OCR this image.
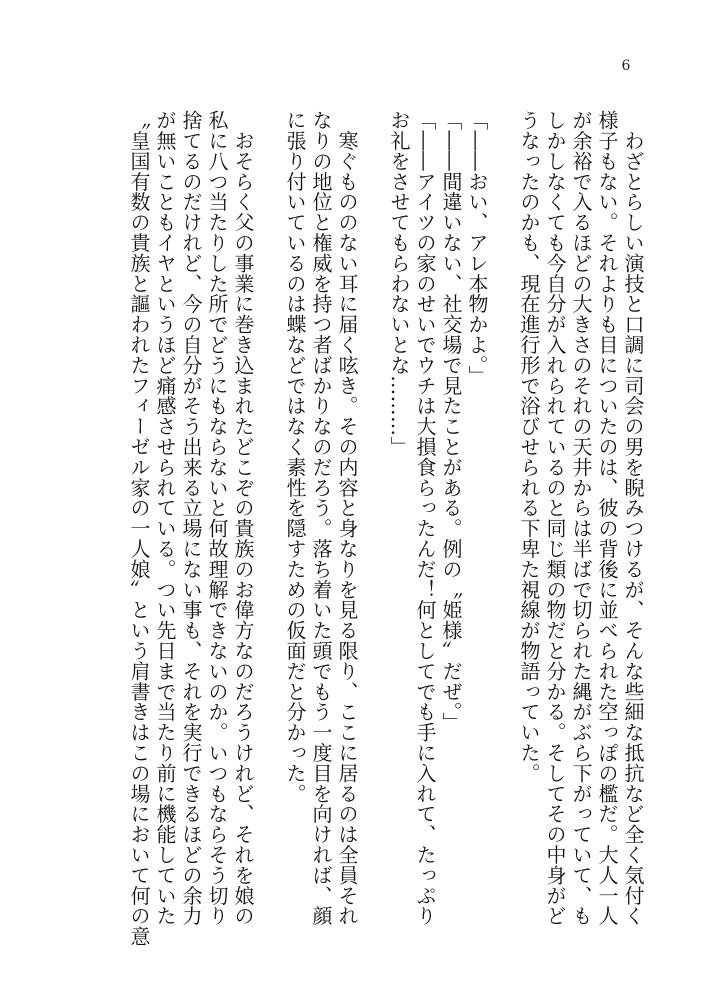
6
　わざとらしい演技と口調に司会の男を睨みつけるが、そんな些細な抵抗など全く気付く
様子もない。それよりも目についたのは、彼の背後に並べられた空っぽの檻だ。大人一人
が余裕で入るほどの大きさのそれの天井からは半ばで切られた縄がぶら下がっていて、も
しかしなくても今自分が入れられているのと同じ類の物だと分かる。そしてその中身がど
うなったのかも、現在進行形で浴びせられる下卑た視線が物語っていた。
「――おい、アレ本物かよ。」
「――間違いない、社交場で見たことがある。例の〝姫様〟だぜ。」
「――アイツの家のせいでウチは大損食らったんだ！何としてでも手に入れて、たっぷり
お礼をさせてもらわないとな………」
　寒ぐもののない耳に届く呟き。その内容と身なりを見る限り、ここに居るのは全員それ
なりの地位と権威を持つ者ばかりなのだろう。落ち着いた頭でもう一度目を向ければ、顔
に張り付いているのは蝶などではなく素性を隠すための仮面だと分かった。
　おそらく父の事業に巻き込まれたどこぞの貴族のお偉方なのだろうけれど、それを娘の
私に八つ当たりした所でどうにもならないと何故理解できないのか。いつもならそう切り
捨てるのだけれど、今の自分がそう出来る立場にない事も、それを実行できるほどの余力
が無いこともイヤというほど痛感させられている。つい先日まで当たり前に機能していた
〝皇国有数の貴族と謳われたフィーゼル家の一人娘〟という肩書きはこの場において何の意
